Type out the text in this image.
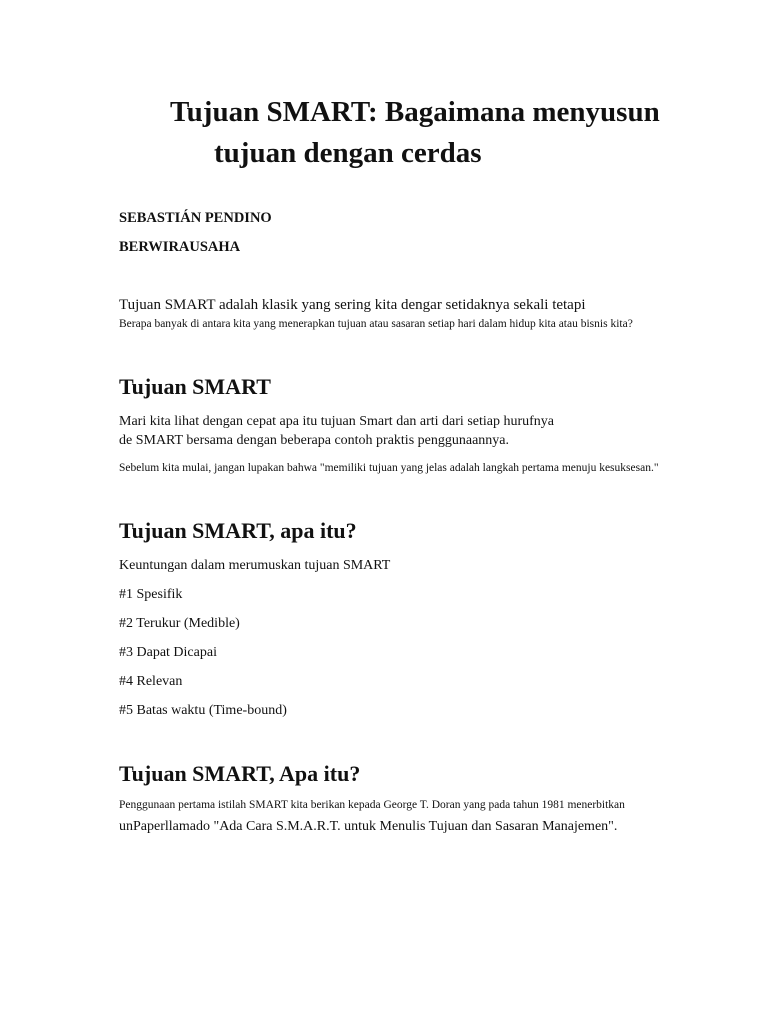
Tujuan SMART: Bagaimana menyusun
tujuan dengan cerdas

SEBASTIÁN PENDINO

BERWIRAUSAHA

Tujuan SMART adalah klasik yang sering kita dengar setidaknya sekali tetapi

Berapa banyak di antara kita yang menerapkan tujuan atau sasaran setiap hari dalam hidup kita atau bisnis kita?

Tujuan SMART

Mari kita lihat dengan cepat apa itu tujuan Smart dan arti dari setiap hurufnya

de SMART bersama dengan beberapa contoh praktis penggunaannya.

Sebelum kita mulai, jangan lupakan bahwa "memiliki tujuan yang jelas adalah langkah pertama menuju kesuksesan."

Tujuan SMART, apa itu?

Keuntungan dalam merumuskan tujuan SMART

#1 Spesifik

#2 Terukur (Medible)

#3 Dapat Dicapai

#4 Relevan

#5 Batas waktu (Time-bound)

Tujuan SMART, Apa itu?

Penggunaan pertama istilah SMART kita berikan kepada George T. Doran yang pada tahun 1981 menerbitkan

unPaperllamado "Ada Cara S.M.A.R.T. untuk Menulis Tujuan dan Sasaran Manajemen".
